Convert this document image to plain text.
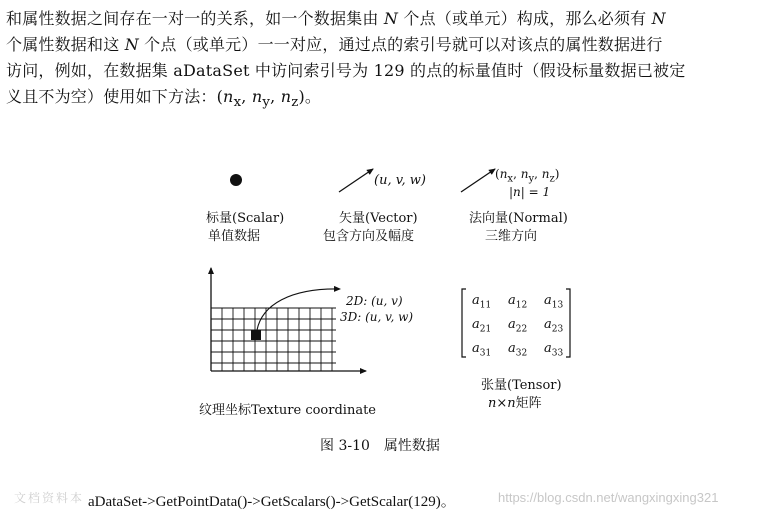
和属性数据之间存在一对一的关系，如一个数据集由 N 个点（或单元）构成，那么必须有 N
个属性数据和这 N 个点（或单元）一一对应，通过点的索引号就可以对该点的属性数据进行
访问，例如，在数据集 aDataSet 中访问索引号为 129 的点的标量值时（假设标量数据已被定
义且不为空）使用如下方法：($n_x$, $n_y$, $n_z$)。
标量(Scalar)
单值数据
(u, v, w)
矢量(Vector)
包含方向及幅度
($n_x$, $n_y$, $n_z$)
|n| = 1
法向量(Normal)
三维方向
2D: (u, v)
3D: (u, v, w)
纹理坐标Texture coordinate
$a_{11}$ $a_{12}$ $a_{13}$
$a_{21}$ $a_{22}$ $a_{23}$
$a_{31}$ $a_{32}$ $a_{33}$
张量(Tensor)
n×n矩阵
图 3-10　属性数据
文档资料本 aDataSet->GetPointData()->GetScalars()->GetScalar(129)。	https://blog.csdn.net/wangxingxing321
